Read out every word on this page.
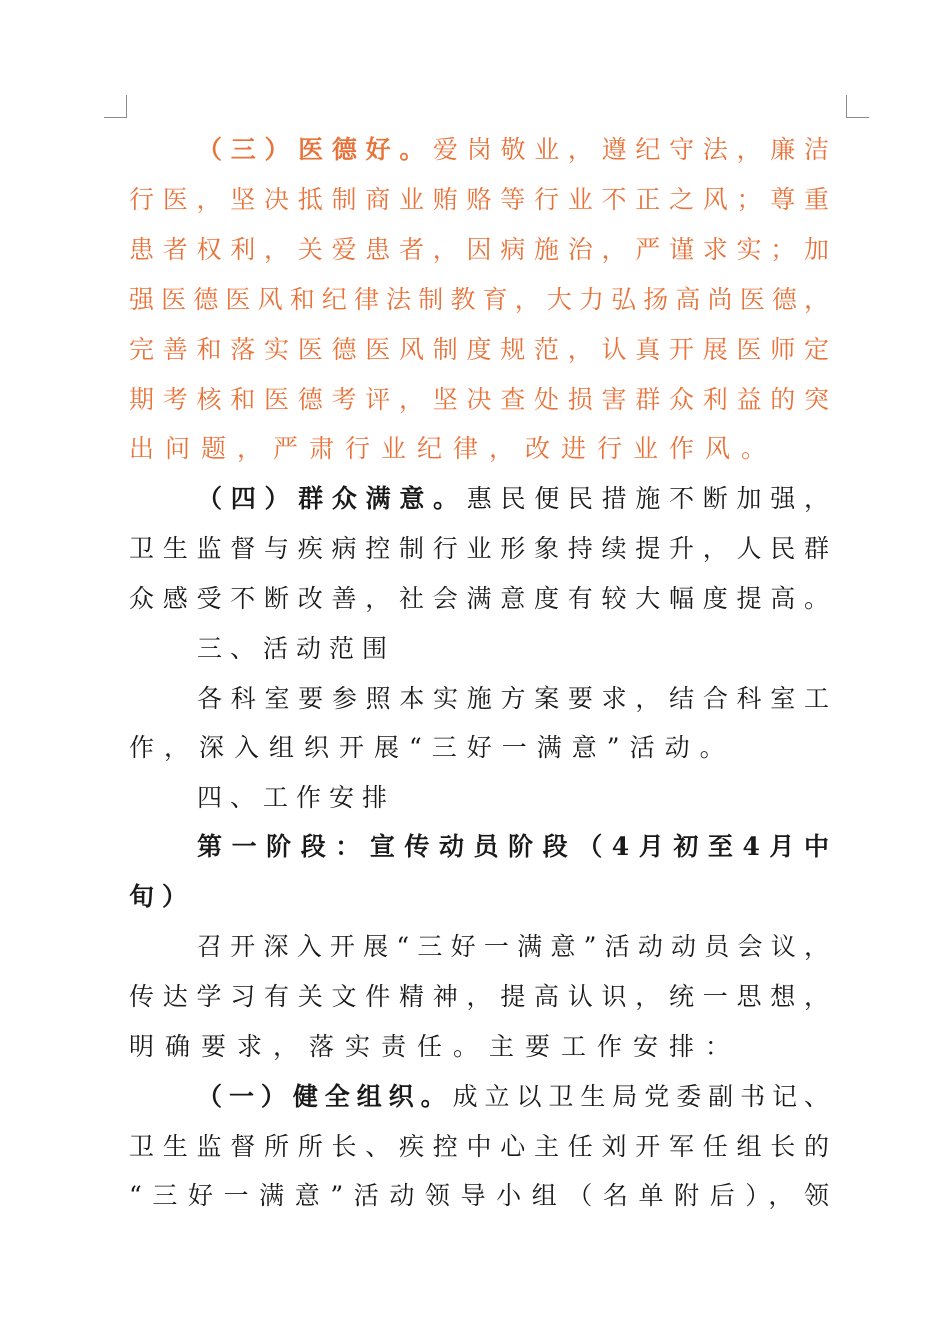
（三）医德好。爱岗敬业，遵纪守法，廉洁
行医，坚决抵制商业贿赂等行业不正之风；尊重
患者权利，关爱患者，因病施治，严谨求实；加
强医德医风和纪律法制教育，大力弘扬高尚医德，
完善和落实医德医风制度规范，认真开展医师定
期考核和医德考评，坚决查处损害群众利益的突
出问题，严肃行业纪律，改进行业作风。
（四）群众满意。惠民便民措施不断加强，
卫生监督与疾病控制行业形象持续提升，人民群
众感受不断改善，社会满意度有较大幅度提高。
三、活动范围
各科室要参照本实施方案要求，结合科室工
作，深入组织开展“三好一满意”活动。
四、工作安排
第一阶段：宣传动员阶段（4月初至4月中
旬）
召开深入开展“三好一满意”活动动员会议，
传达学习有关文件精神，提高认识，统一思想，
明确要求，落实责任。主要工作安排：
（一）健全组织。成立以卫生局党委副书记、
卫生监督所所长、疾控中心主任刘开军任组长的
“三好一满意”活动领导小组（名单附后），领
